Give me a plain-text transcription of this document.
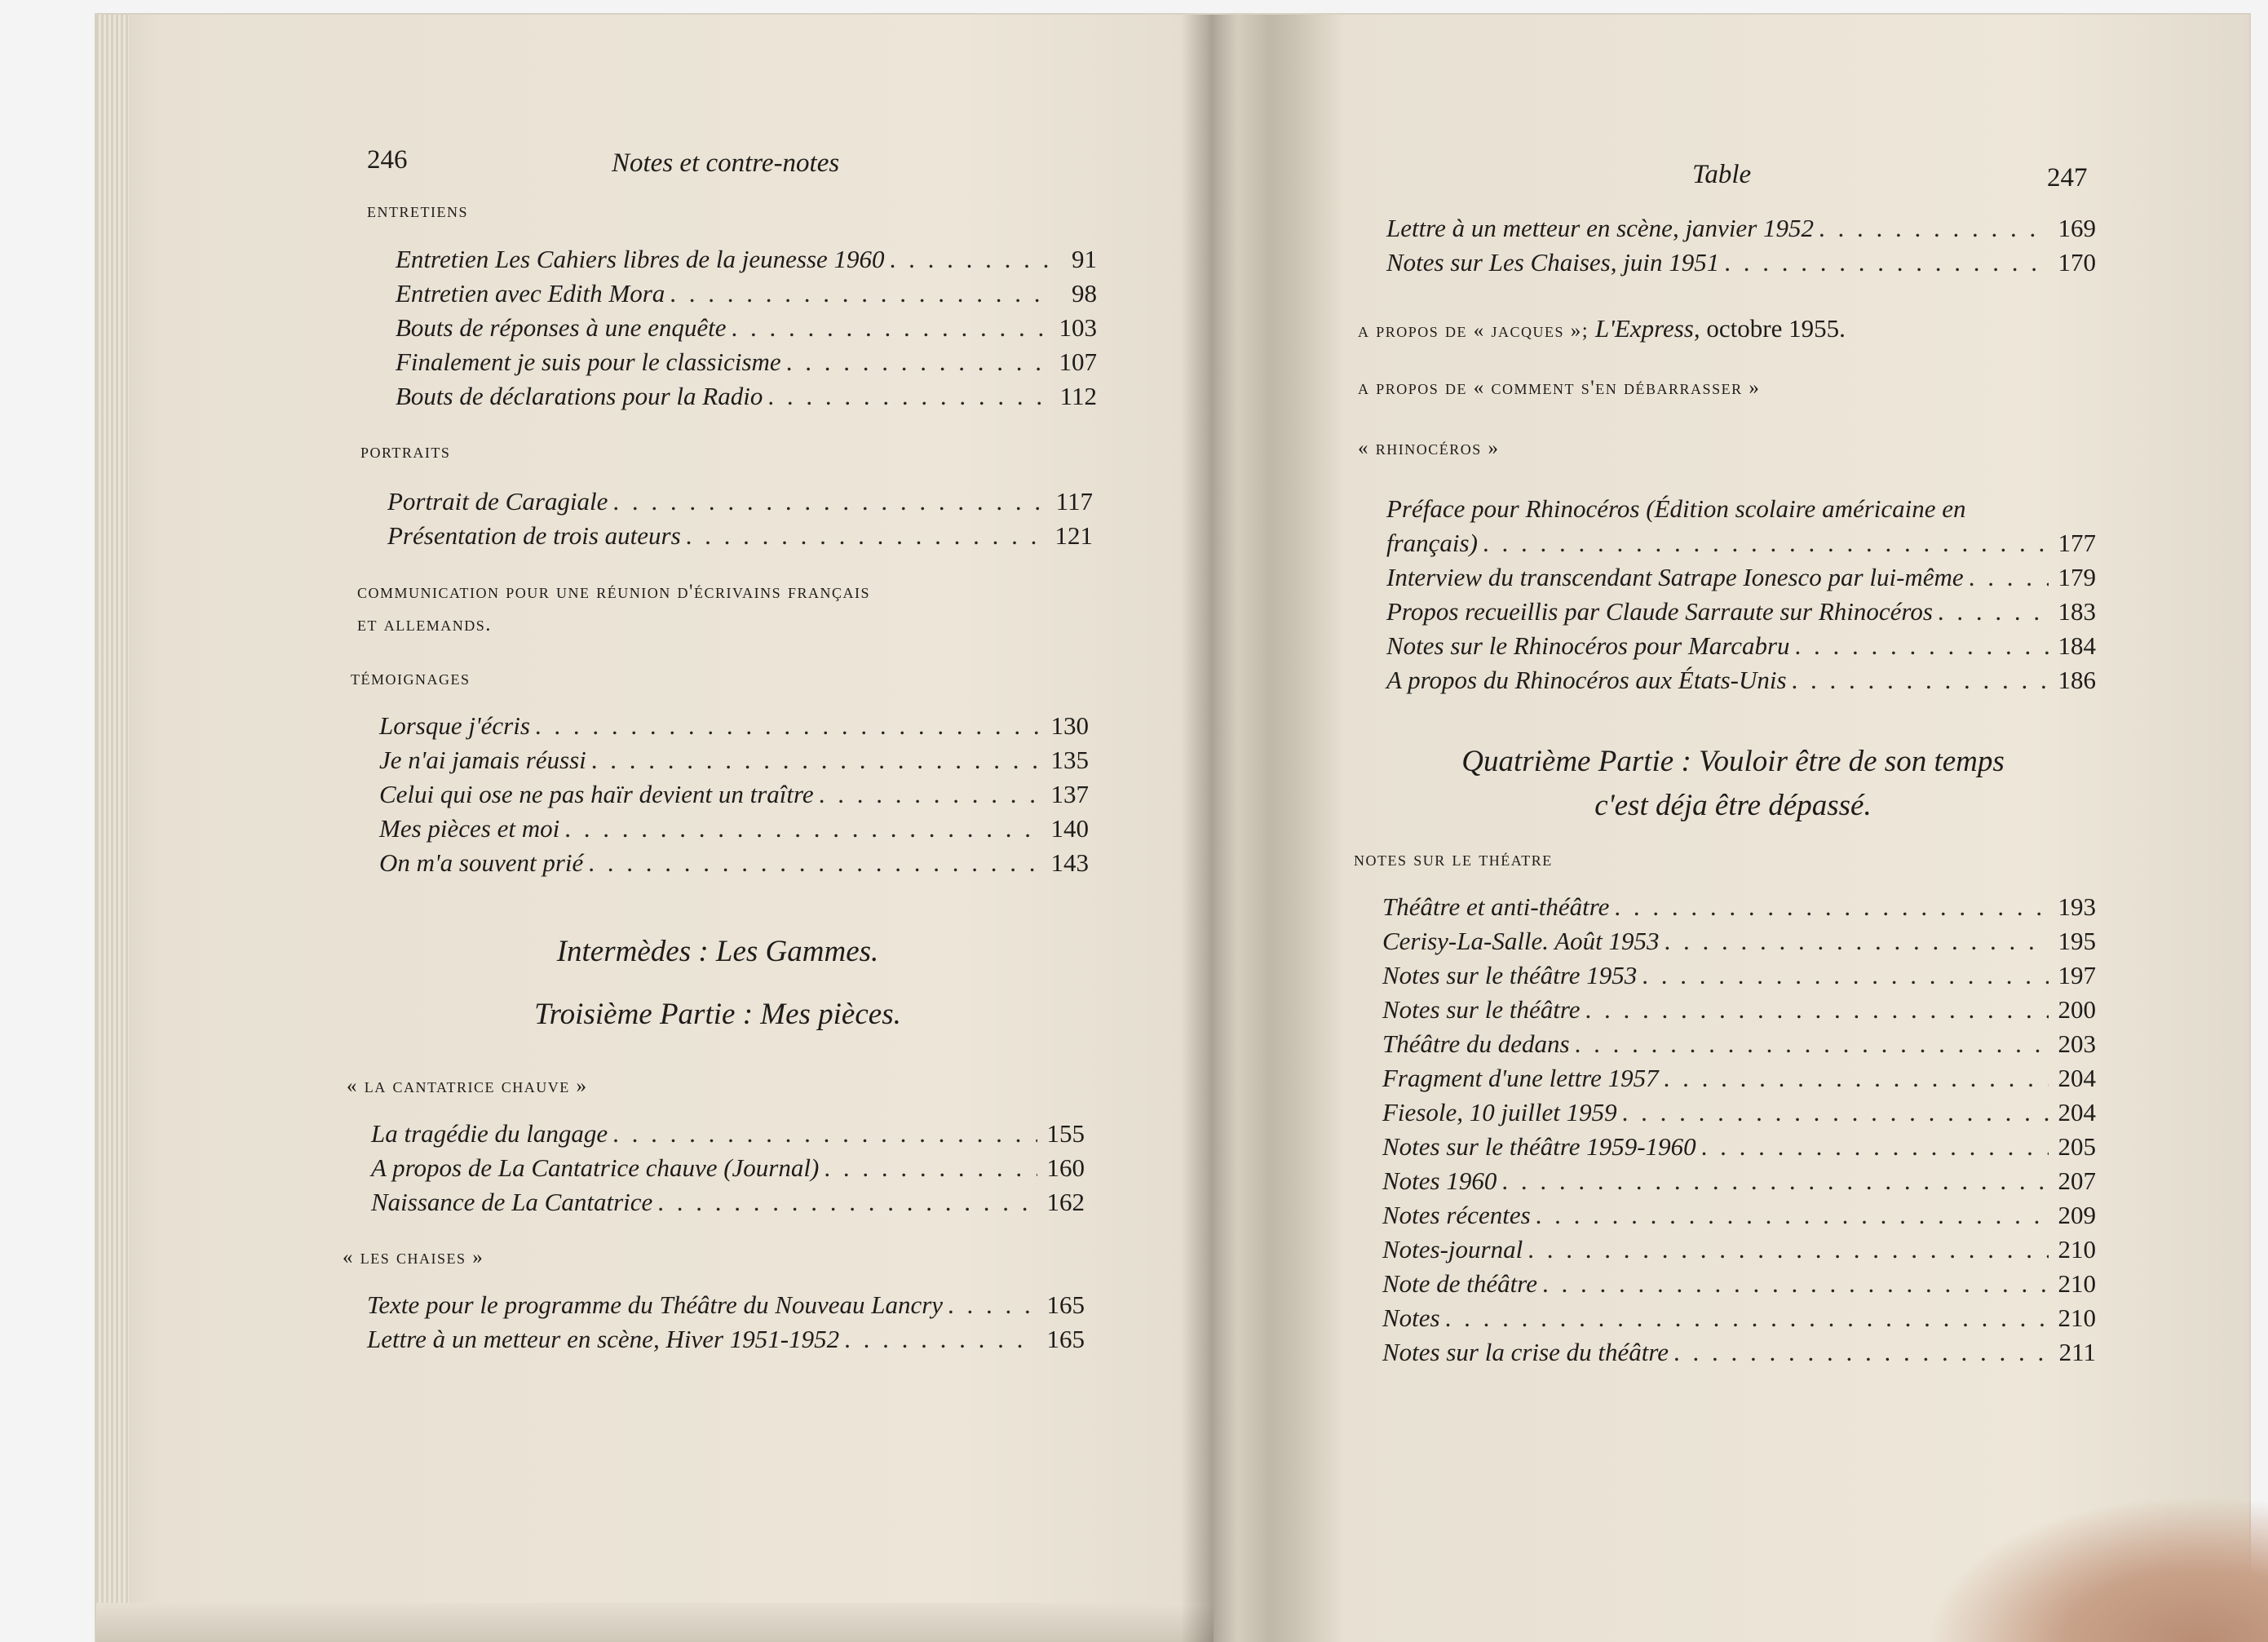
246	Notes et contre-notes
entretiens
Entretien Les Cahiers libres de la jeunesse 1960 . . .	91
Entretien avec Edith Mora . . .	98
Bouts de réponses à une enquête . . .	103
Finalement je suis pour le classicisme . . .	107
Bouts de déclarations pour la Radio . . .	112
portraits
Portrait de Caragiale . . .	117
Présentation de trois auteurs . . .	121
communication pour une réunion d'écrivains français
et allemands.
témoignages
Lorsque j'écris . . .	130
Je n'ai jamais réussi . . .	135
Celui qui ose ne pas haïr devient un traître . . .	137
Mes pièces et moi . . .	140
On m'a souvent prié . . .	143
Intermèdes : Les Gammes.
Troisième Partie : Mes pièces.
« la cantatrice chauve »
La tragédie du langage . . .	155
A propos de La Cantatrice chauve (Journal) . . .	160
Naissance de La Cantatrice . . .	162
« les chaises »
Texte pour le programme du Théâtre du Nouveau Lancry . . .	165
Lettre à un metteur en scène, Hiver 1951-1952 . . .	165
Table	247
Lettre à un metteur en scène, janvier 1952 . . .	169
Notes sur Les Chaises, juin 1951 . . .	170
a propos de « jacques »; L'Express, octobre 1955.
a propos de « comment s'en débarrasser »
« rhinocéros »
Préface pour Rhinocéros (Édition scolaire américaine en
français) . . .	177
Interview du transcendant Satrape Ionesco par lui-même . . .	179
Propos recueillis par Claude Sarraute sur Rhinocéros . . .	183
Notes sur le Rhinocéros pour Marcabru . . .	184
A propos du Rhinocéros aux États-Unis . . .	186
Quatrième Partie : Vouloir être de son temps
c'est déja être dépassé.
notes sur le théatre
Théâtre et anti-théâtre . . .	193
Cerisy-La-Salle. Août 1953 . . .	195
Notes sur le théâtre 1953 . . .	197
Notes sur le théâtre . . .	200
Théâtre du dedans . . .	203
Fragment d'une lettre 1957 . . .	204
Fiesole, 10 juillet 1959 . . .	204
Notes sur le théâtre 1959-1960 . . .	205
Notes 1960 . . .	207
Notes récentes . . .	209
Notes-journal . . .	210
Note de théâtre . . .	210
Notes . . .	210
Notes sur la crise du théâtre . . .	211
